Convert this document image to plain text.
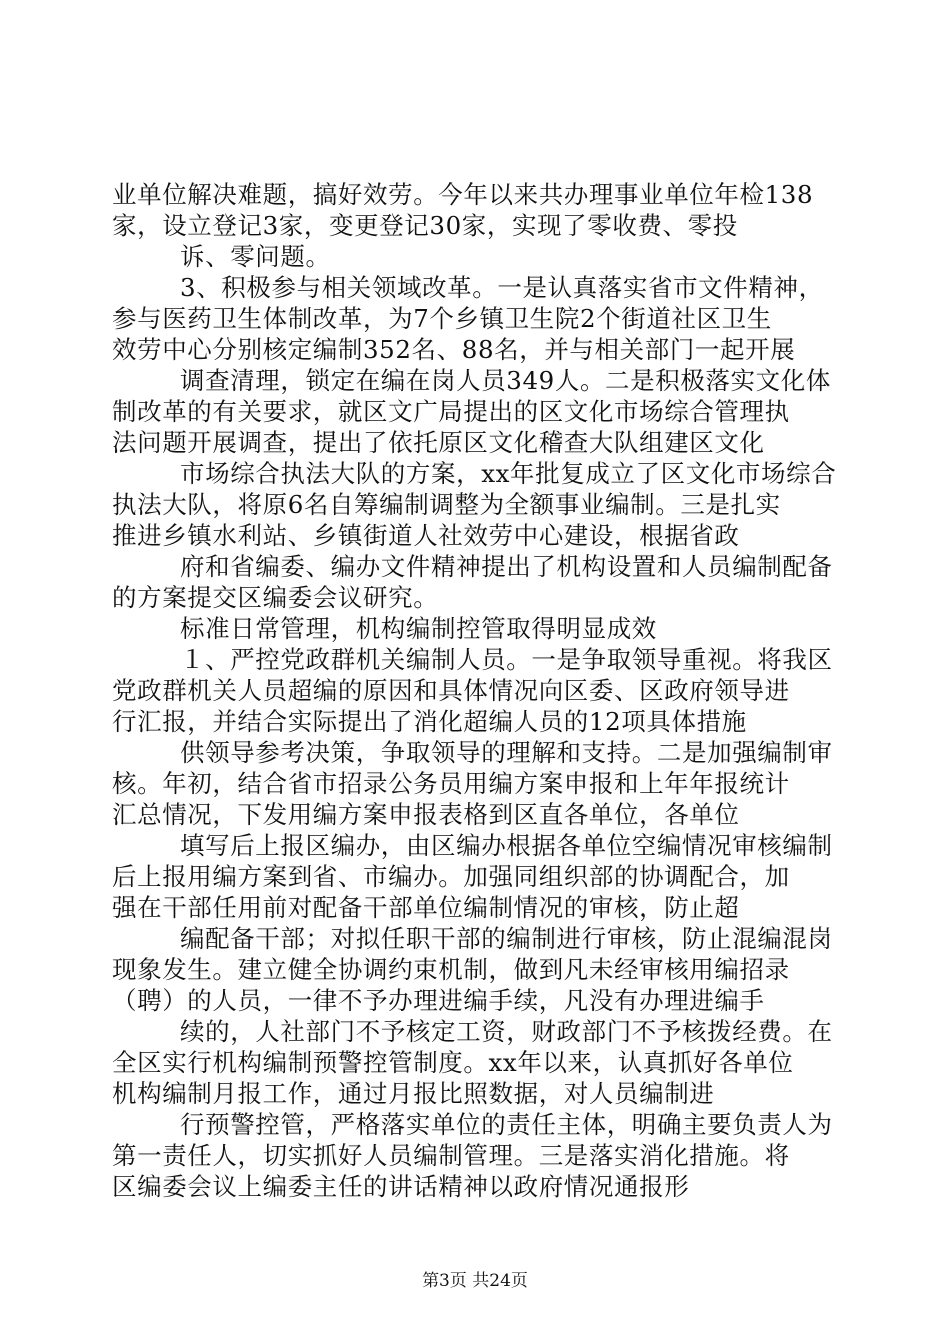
业单位解决难题，搞好效劳。今年以来共办理事业单位年检138
家，设立登记3家，变更登记30家，实现了零收费、零投
诉、零问题。
3、积极参与相关领域改革。一是认真落实省市文件精神，
参与医药卫生体制改革，为7个乡镇卫生院2个街道社区卫生
效劳中心分别核定编制352名、88名，并与相关部门一起开展
调查清理，锁定在编在岗人员349人。二是积极落实文化体
制改革的有关要求，就区文广局提出的区文化市场综合管理执
法问题开展调查，提出了依托原区文化稽查大队组建区文化
市场综合执法大队的方案，xx年批复成立了区文化市场综合
执法大队，将原6名自筹编制调整为全额事业编制。三是扎实
推进乡镇水利站、乡镇街道人社效劳中心建设，根据省政
府和省编委、编办文件精神提出了机构设置和人员编制配备
的方案提交区编委会议研究。
标准日常管理，机构编制控管取得明显成效
１、严控党政群机关编制人员。一是争取领导重视。将我区
党政群机关人员超编的原因和具体情况向区委、区政府领导进
行汇报，并结合实际提出了消化超编人员的12项具体措施
供领导参考决策，争取领导的理解和支持。二是加强编制审
核。年初，结合省市招录公务员用编方案申报和上年年报统计
汇总情况，下发用编方案申报表格到区直各单位，各单位
填写后上报区编办，由区编办根据各单位空编情况审核编制
后上报用编方案到省、市编办。加强同组织部的协调配合，加
强在干部任用前对配备干部单位编制情况的审核，防止超
编配备干部；对拟任职干部的编制进行审核，防止混编混岗
现象发生。建立健全协调约束机制，做到凡未经审核用编招录
（聘）的人员，一律不予办理进编手续，凡没有办理进编手
续的，人社部门不予核定工资，财政部门不予核拨经费。在
全区实行机构编制预警控管制度。xx年以来，认真抓好各单位
机构编制月报工作，通过月报比照数据，对人员编制进
行预警控管，严格落实单位的责任主体，明确主要负责人为
第一责任人，切实抓好人员编制管理。三是落实消化措施。将
区编委会议上编委主任的讲话精神以政府情况通报形
第3页 共24页
